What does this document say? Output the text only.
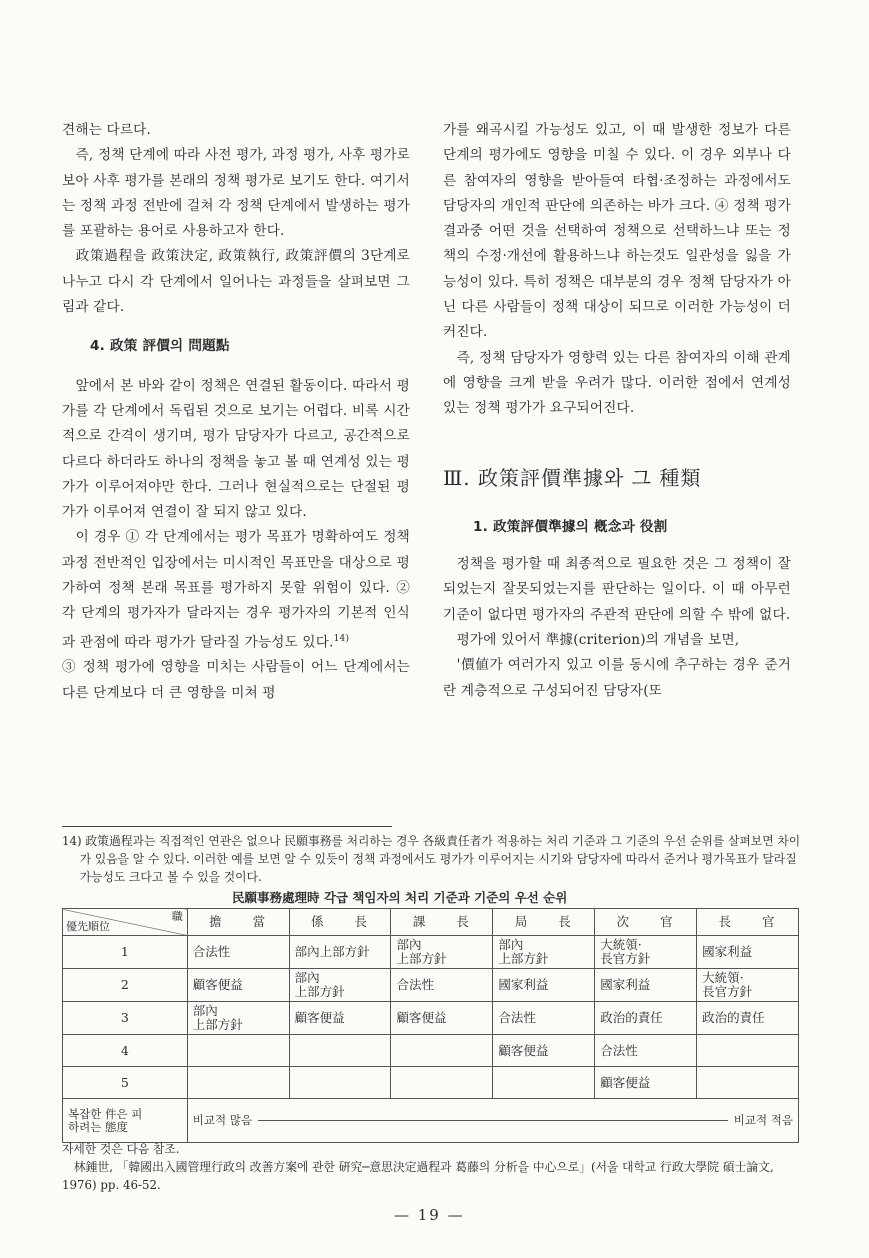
견해는 다르다.

즉, 정책 단계에 따라 사전 평가, 과정 평가, 사후 평가로 보아 사후 평가를 본래의 정책 평가로 보기도 한다. 여기서는 정책 과정 전반에 걸쳐 각 정책 단계에서 발생하는 평가를 포괄하는 용어로 사용하고자 한다.

政策過程을 政策決定, 政策執行, 政策評價의 3단계로 나누고 다시 각 단계에서 일어나는 과정들을 살펴보면 그림과 같다.

4. 政策 評價의 問題點

앞에서 본 바와 같이 정책은 연결된 활동이다. 따라서 평가를 각 단계에서 독립된 것으로 보기는 어렵다. 비록 시간적으로 간격이 생기며, 평가 담당자가 다르고, 공간적으로 다르다 하더라도 하나의 정책을 놓고 볼 때 연계성 있는 평가가 이루어져야만 한다. 그러나 현실적으로는 단절된 평가가 이루어져 연결이 잘 되지 않고 있다.

이 경우 ① 각 단계에서는 평가 목표가 명확하여도 정책 과정 전반적인 입장에서는 미시적인 목표만을 대상으로 평가하여 정책 본래 목표를 평가하지 못할 위험이 있다. ② 각 단계의 평가자가 달라지는 경우 평가자의 기본적 인식과 관점에 따라 평가가 달라질 가능성도 있다.$^{14)}$

③ 정책 평가에 영향을 미치는 사람들이 어느 단계에서는 다른 단계보다 더 큰 영향을 미쳐 평

가를 왜곡시킬 가능성도 있고, 이 때 발생한 정보가 다른 단계의 평가에도 영향을 미칠 수 있다. 이 경우 외부나 다른 참여자의 영향을 받아들여 타협·조정하는 과정에서도 담당자의 개인적 판단에 의존하는 바가 크다. ④ 정책 평가 결과중 어떤 것을 선택하여 정책으로 선택하느냐 또는 정책의 수정·개선에 활용하느냐 하는것도 일관성을 잃을 가능성이 있다. 특히 정책은 대부분의 경우 정책 담당자가 아닌 다른 사람들이 정책 대상이 되므로 이러한 가능성이 더 커진다.

즉, 정책 담당자가 영향력 있는 다른 참여자의 이해 관계에 영향을 크게 받을 우려가 많다. 이러한 점에서 연계성 있는 정책 평가가 요구되어진다.

Ⅲ. 政策評價準據와 그 種類
1. 政策評價準據의 槪念과 役割

정책을 평가할 때 최종적으로 필요한 것은 그 정책이 잘되었는지 잘못되었는지를 판단하는 일이다. 이 때 아무런 기준이 없다면 평가자의 주관적 판단에 의할 수 밖에 없다.

평가에 있어서 準據(criterion)의 개념을 보면,

'價値가 여러가지 있고 이를 동시에 추구하는 경우 준거란 계층적으로 구성되어진 담당자(또

14) 政策過程과는 직접적인 연관은 없으나 民願事務를 처리하는 경우 各級責任者가 적용하는 처리 기준과 그 기준의 우선 순위를 살펴보면 차이가 있음을 알 수 있다. 이러한 예를 보면 알 수 있듯이 정책 과정에서도 평가가 이루어지는 시기와 담당자에 따라서 준거나 평가목표가 달라질 가능성도 크다고 볼 수 있을 것이다.

民願事務處理時 각급 책임자의 처리 기준과 기준의 우선 순위
職
優先順位	擔　　當	係　　長	課　　長	局　　長	次　　官	長　　官
1	合法性	部內上部方針	部內
上部方針	部內
上部方針	大統領·
長官方針	國家利益
2	顧客便益	部內
上部方針	合法性	國家利益	國家利益	大統領·
長官方針
3	部內
上部方針	顧客便益	顧客便益	合法性	政治的責任	政治的責任
4				顧客便益	合法性	
5					顧客便益	
복잡한 件은 피
하려는 態度	비교적 많음 비교적 적음					

자세한 것은 다음 참조.

林鍾世, 「韓國出入國管理行政의 改善方案에 관한 硏究─意思決定過程과 葛藤의 分析을 中心으로」(서울 대학교 行政大學院 碩士論文, 1976) pp. 46-52.

— 19 —
